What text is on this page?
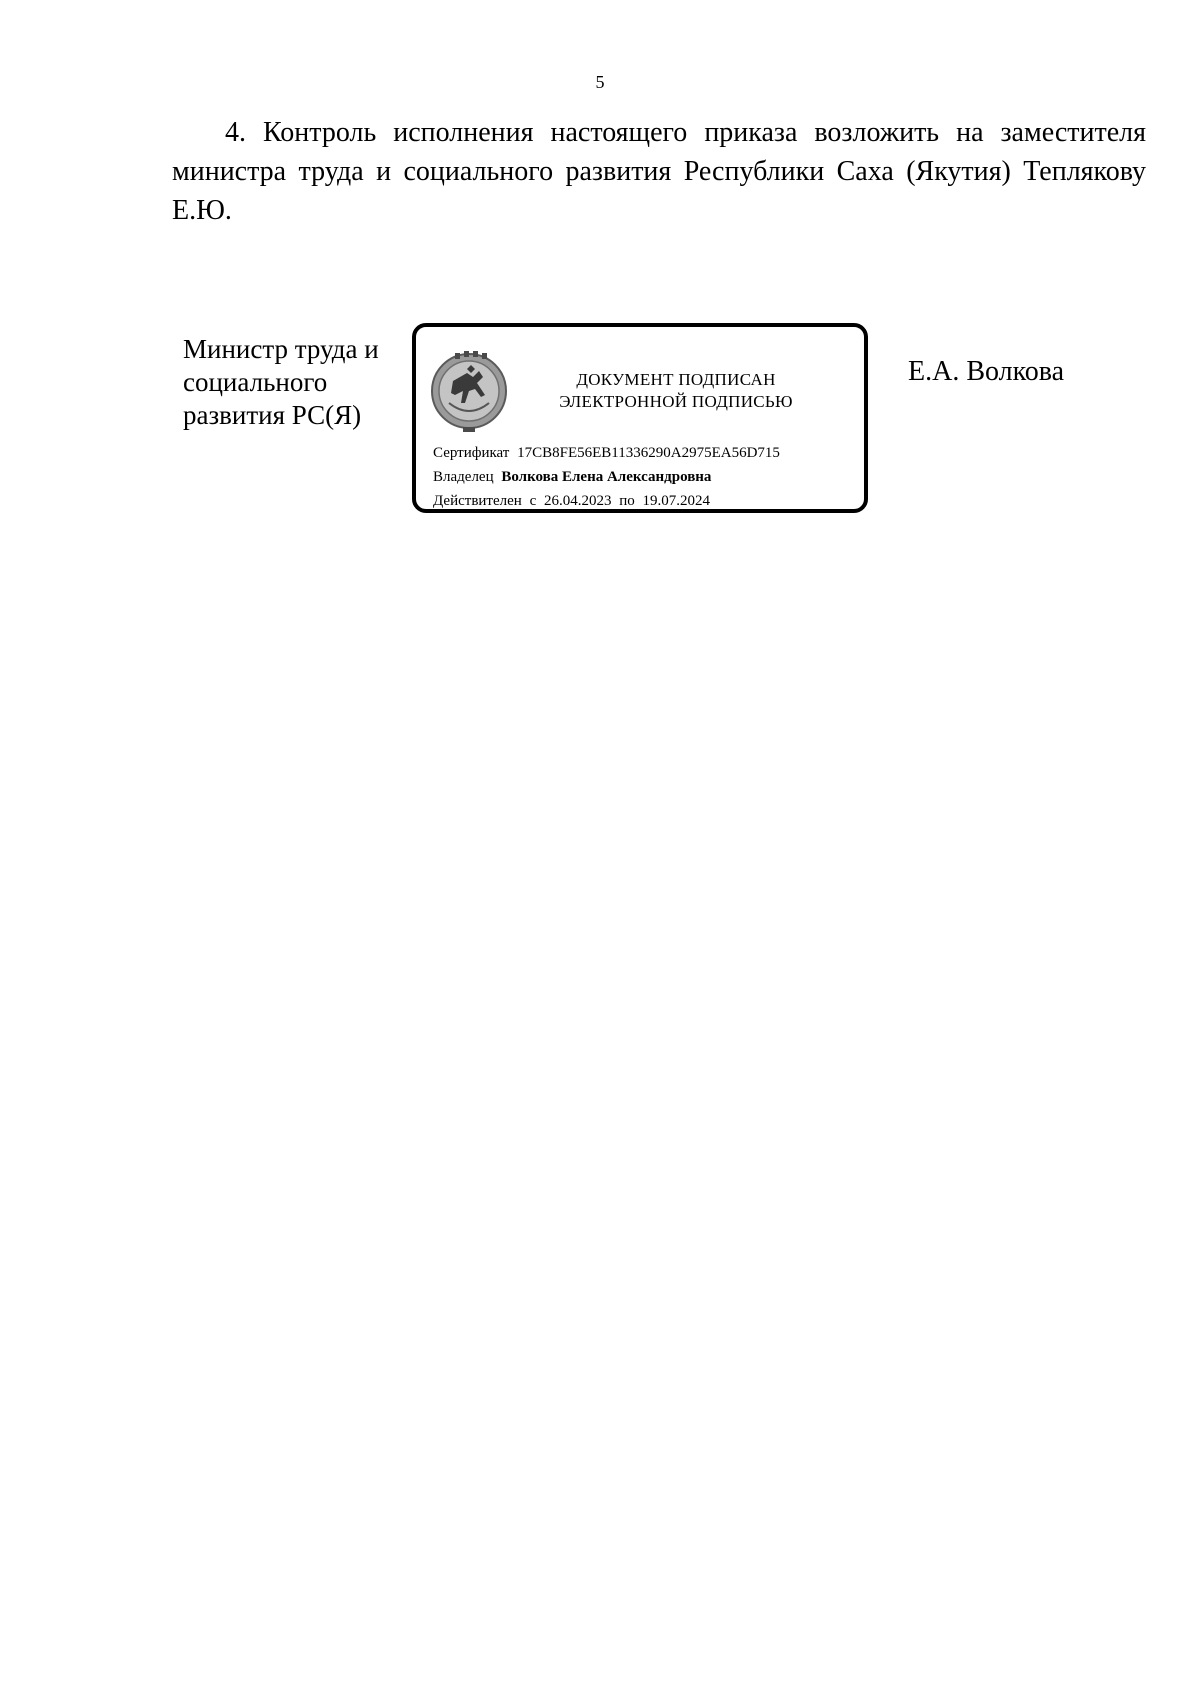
5
4. Контроль исполнения настоящего приказа возложить на заместителя министра труда и социального развития Республики Саха (Якутия) Теплякову Е.Ю.
Министр труда и
социального
развития РС(Я)
ДОКУМЕНТ ПОДПИСАН
ЭЛЕКТРОННОЙ ПОДПИСЬЮ
Сертификат 17CB8FE56EB11336290A2975EA56D715
Владелец Волкова Елена Александровна
Действителен с 26.04.2023 по 19.07.2024
Е.А. Волкова
